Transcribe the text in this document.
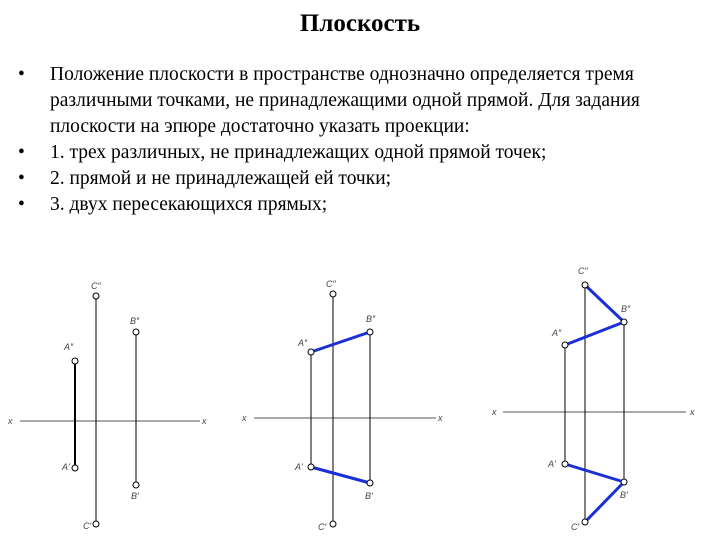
Плоскость
• Положение плоскости в пространстве однозначно определяется тремя различными точками, не принадлежащими одной прямой. Для задания плоскости на эпюре достаточно указать проекции:
• 1. трех различных, не принадлежащих одной прямой точек;
• 2. прямой и не принадлежащей ей точки;
• 3. двух пересекающихся прямых;
x	x
C″
B″
A″
A′
B′
C′
x	x
C″
B″
A″
A′
B′
C′
x	x
C″
B″
A″
A′
B′
C′
